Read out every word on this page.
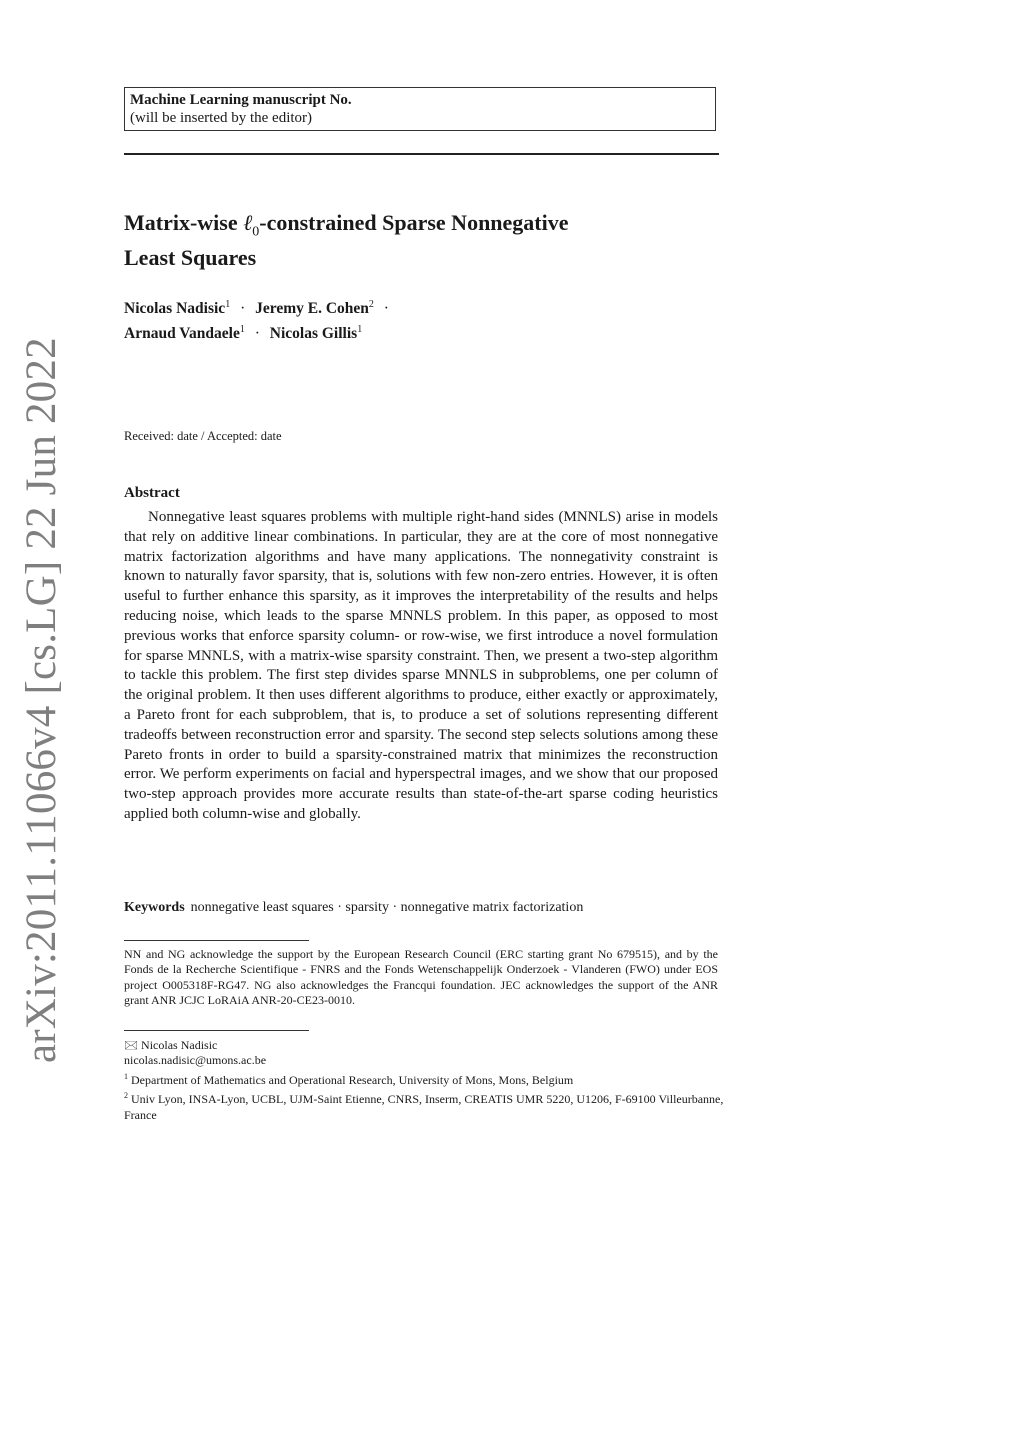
arXiv:2011.11066v4 [cs.LG] 22 Jun 2022
Machine Learning manuscript No.
(will be inserted by the editor)
Matrix-wise ℓ$_0$-constrained Sparse Nonnegative
Least Squares
Nicolas Nadisic$^1$ · Jeremy E. Cohen$^2$ ·
Arnaud Vandaele$^1$ · Nicolas Gillis$^1$
Received: date / Accepted: date
Abstract
Nonnegative least squares problems with multiple right-hand sides (MNNLS) arise in models that rely on additive linear combinations. In particular, they are at the core of most nonnegative matrix factorization algorithms and have many applications. The nonnegativity constraint is known to naturally favor sparsity, that is, solutions with few non-zero entries. However, it is often useful to further enhance this sparsity, as it improves the interpretability of the results and helps reducing noise, which leads to the sparse MNNLS problem. In this paper, as opposed to most previous works that enforce sparsity column- or row-wise, we first introduce a novel formulation for sparse MNNLS, with a matrix-wise sparsity constraint. Then, we present a two-step algorithm to tackle this problem. The first step divides sparse MNNLS in subproblems, one per column of the original problem. It then uses different algorithms to produce, either exactly or approximately, a Pareto front for each subproblem, that is, to produce a set of solutions representing different tradeoffs between reconstruction error and sparsity. The second step selects solutions among these Pareto fronts in order to build a sparsity-constrained matrix that minimizes the reconstruction error. We perform experiments on facial and hyperspectral images, and we show that our proposed two-step approach provides more accurate results than state-of-the-art sparse coding heuristics applied both column-wise and globally.
Keywords nonnegative least squares · sparsity · nonnegative matrix factorization
NN and NG acknowledge the support by the European Research Council (ERC starting grant No 679515), and by the Fonds de la Recherche Scientifique - FNRS and the Fonds Wetenschappelijk Onderzoek - Vlanderen (FWO) under EOS project O005318F-RG47. NG also acknowledges the Francqui foundation. JEC acknowledges the support of the ANR grant ANR JCJC LoRAiA ANR-20-CE23-0010.
🖂 Nicolas Nadisic
nicolas.nadisic@umons.ac.be
$^1$ Department of Mathematics and Operational Research, University of Mons, Mons, Belgium
$^2$ Univ Lyon, INSA-Lyon, UCBL, UJM-Saint Etienne, CNRS, Inserm, CREATIS UMR 5220, U1206, F-69100 Villeurbanne, France
